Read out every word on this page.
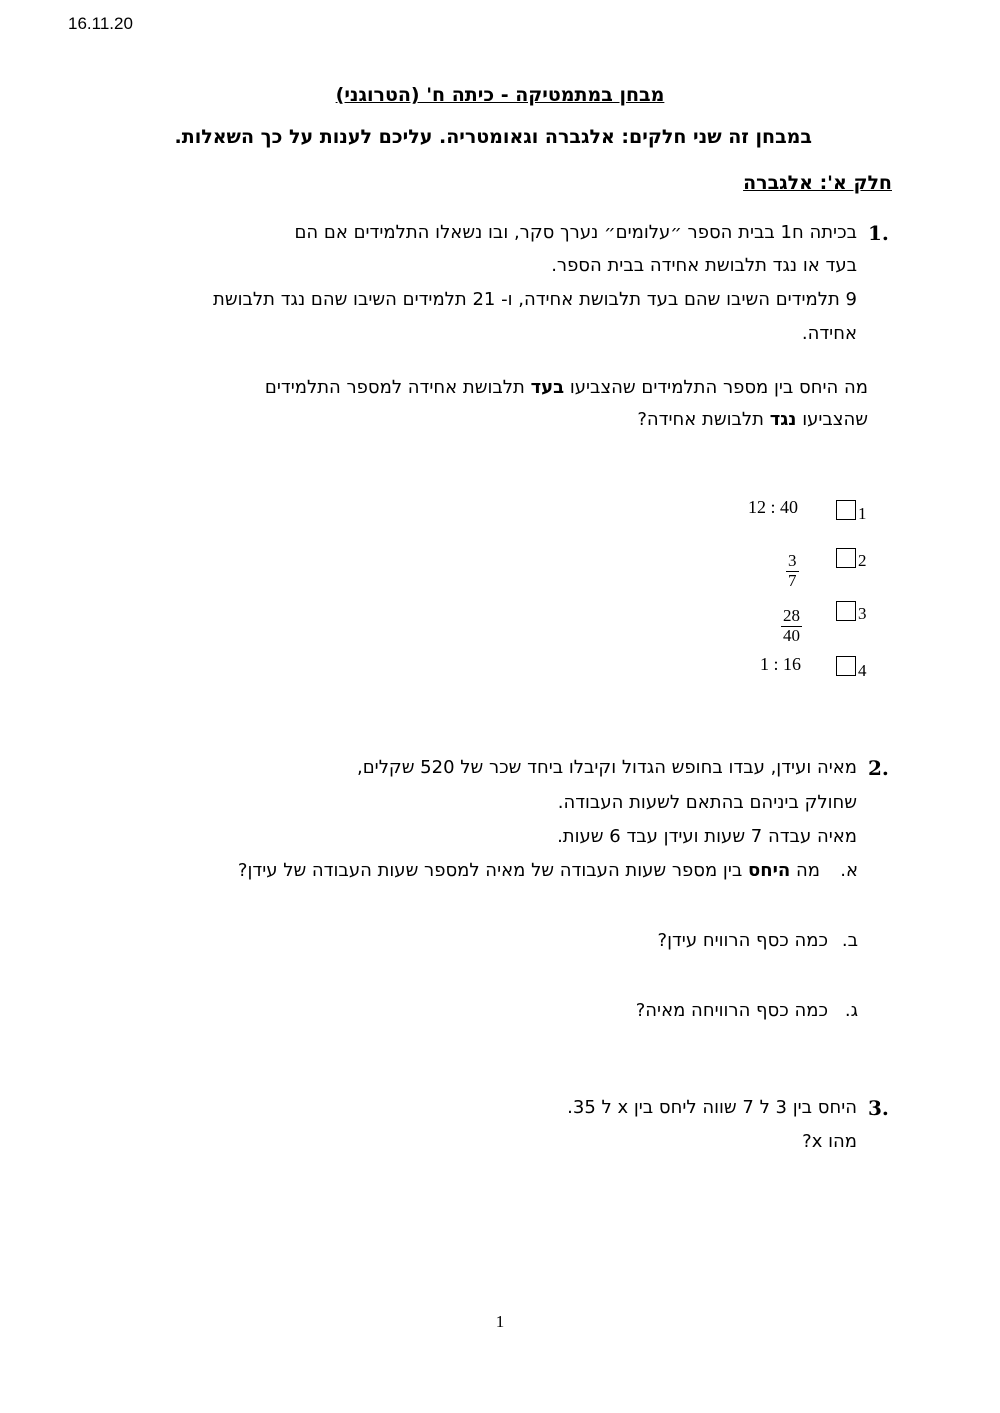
16.11.20
מבחן במתמטיקה - כיתה ח' (הטרוגני)
במבחן זה שני חלקים: אלגברה וגאומטריה. עליכם לענות על כך השאלות.
חלק א': אלגברה
1.
בכיתה ח1 בבית הספר ״עלומים״ נערך סקר, ובו נשאלו התלמידים אם הם
בעד או נגד תלבושת אחידה בבית הספר.
9 תלמידים השיבו שהם בעד תלבושת אחידה, ו- 21 תלמידים השיבו שהם נגד תלבושת
אחידה.
מה היחס בין מספר התלמידים שהצביעו בעד תלבושת אחידה למספר התלמידים
שהצביעו נגד תלבושת אחידה?
1
12 : 40
2
$\frac{3}{7}$
3
$\frac{28}{40}$
4
1 : 16
2.
מאיה ועידן, עבדו בחופש הגדול וקיבלו ביחד שכר של 520 שקלים,
שחולק ביניהם בהתאם לשעות העבודה.
מאיה עבדה 7 שעות ועידן עבד 6 שעות.
א.
מה היחס בין מספר שעות העבודה של מאיה למספר שעות העבודה של עידן?
ב.
כמה כסף הרוויח עידן?
ג.
כמה כסף הרוויחה מאיה?
3.
היחס בין 3 ל 7 שווה ליחס בין x ל 35.
מהו x?
1
